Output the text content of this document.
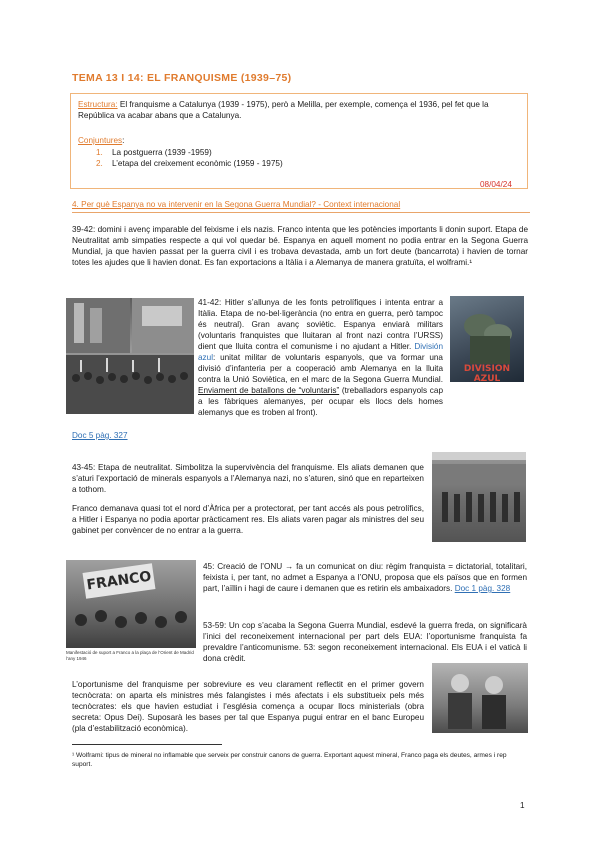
TEMA 13 I 14: EL FRANQUISME (1939–75)
Estructura: El franquisme a Catalunya (1939 - 1975), però a Melilla, per exemple, comença el 1936, pel fet que la República va acabar abans que a Catalunya.
Conjuntures:
1. La postguerra (1939 -1959)
2. L’etapa del creixement econòmic (1959 - 1975)
08/04/24
4. Per què Espanya no va intervenir en la Segona Guerra Mundial? - Context internacional
39-42: domini i avenç imparable del feixisme i els nazis. Franco intenta que les potències importants li donin suport. Etapa de Neutralitat amb simpaties respecte a qui vol quedar bé. Espanya en aquell moment no podia entrar en la Segona Guerra Mundial, ja que havien passat per la guerra civil i es trobava devastada, amb un fort deute (bancarrota) i havien de tornar totes les ajudes que li havien donat. Es fan exportacions a Itàlia i a Alemanya de manera gratuïta, el wolframi.¹
41-42: Hitler s’allunya de les fonts petrolífiques i intenta entrar a Itàlia. Etapa de no-bel·ligerància (no entra en guerra, però tampoc és neutral). Gran avanç soviètic. Espanya enviarà militars (voluntaris franquistes que lluitaran al front nazi contra l’URSS) dient que lluita contra el comunisme i no ajudant a Hitler. División azul: unitat militar de voluntaris espanyols, que va formar una divisió d’infanteria per a cooperació amb Alemanya en la lluita contra la Unió Soviètica, en el marc de la Segona Guerra Mundial. Enviament de batallons de “voluntaris” (treballadors espanyols cap a les fàbriques alemanyes, per ocupar els llocs dels homes alemanys que es troben al front).
DIVISION AZUL
Doc 5 pàg. 327
43-45: Etapa de neutralitat. Simbolitza la supervivència del franquisme. Els aliats demanen que s’aturi l’exportació de minerals espanyols a l’Alemanya nazi, no s’aturen, sinó que en reparteixen a tothom.
Franco demanava quasi tot el nord d’Àfrica per a protectorat, per tant accés als pous petrolífics, a Hitler i Espanya no podia aportar pràcticament res. Els aliats varen pagar als ministres del seu gabinet per convèncer de no entrar a la guerra.
FRANCO
Manifestació de suport a Franco a la plaça de l’Orient de Madrid l’any 1946
45: Creació de l’ONU → fa un comunicat on diu: règim franquista = dictatorial, totalitari, feixista i, per tant, no admet a Espanya a l’ONU, proposa que els països que en formen part, l’aïllin i hagi de caure i demanen que es retirin els ambaixadors. Doc 1 pàg. 328
53-59: Un cop s’acaba la Segona Guerra Mundial, esdevé la guerra freda, on significarà l’inici del reconeixement internacional per part dels EUA: l’oportunisme franquista fa prevaldre l’anticomunisme. 53: segon reconeixement internacional. Els EUA i el vaticà li dona crèdit.
L’oportunisme del franquisme per sobreviure es veu clarament reflectit en el primer govern tecnòcrata: on aparta els ministres més falangistes i més afectats i els substitueix pels més tecnòcrates: els que havien estudiat i l’església comença a ocupar llocs ministerials (obra secreta: Opus Dei). Suposarà les bases per tal que Espanya pugui entrar en el banc Europeu (pla d’estabilització econòmica).
¹ Wolframi: tipus de mineral no inflamable que serveix per construir canons de guerra. Exportant aquest mineral, Franco paga els deutes, armes i rep suport.
1
